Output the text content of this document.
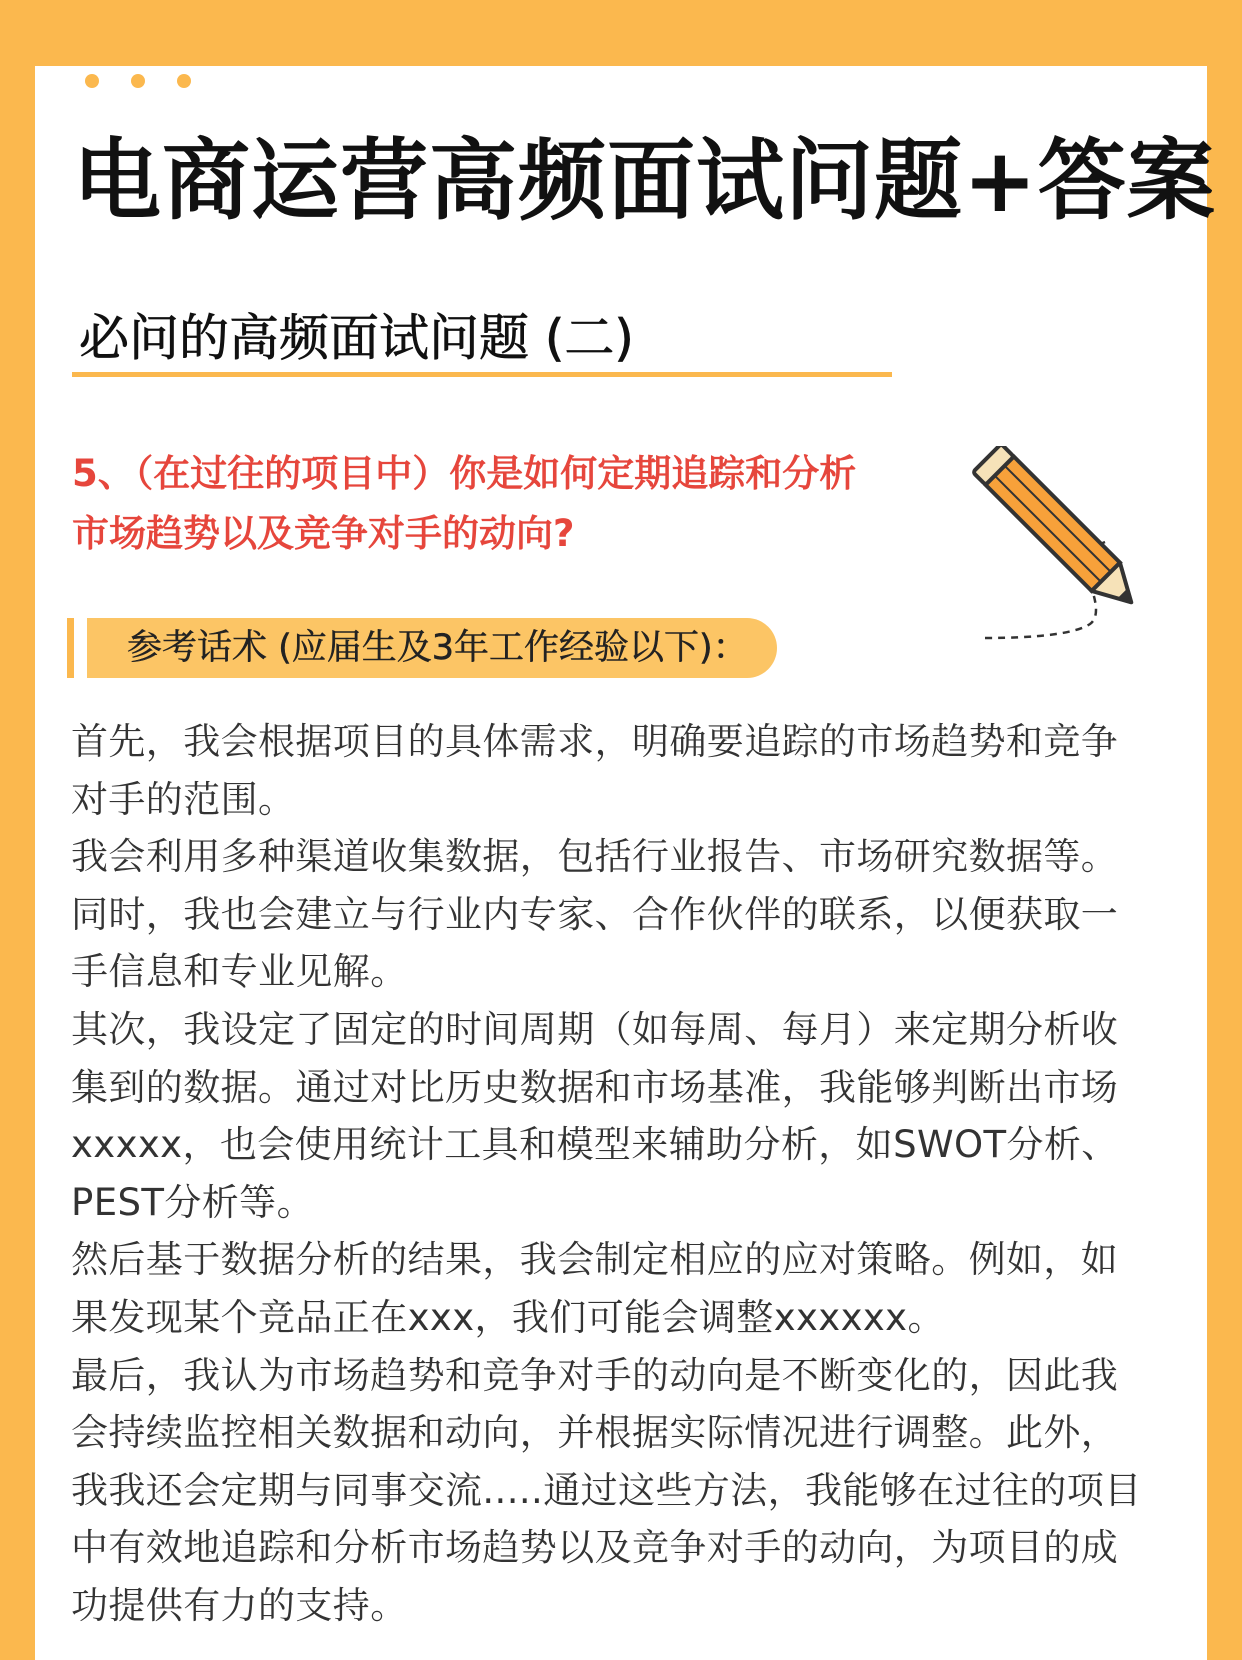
电商运营高频面试问题+答案
必问的高频面试问题 (二)
5、（在过往的项目中）你是如何定期追踪和分析
市场趋势以及竞争对手的动向?
参考话术 (应届生及3年工作经验以下)：

首先，我会根据项目的具体需求，明确要追踪的市场趋势和竞争

对手的范围。

我会利用多种渠道收集数据，包括行业报告、市场研究数据等。

同时，我也会建立与行业内专家、合作伙伴的联系，以便获取一

手信息和专业见解。

其次，我设定了固定的时间周期（如每周、每月）来定期分析收

集到的数据。通过对比历史数据和市场基准，我能够判断出市场

xxxxx，也会使用统计工具和模型来辅助分析，如SWOT分析、

PEST分析等。

然后基于数据分析的结果，我会制定相应的应对策略。例如，如

果发现某个竞品正在xxx，我们可能会调整xxxxxx。

最后，我认为市场趋势和竞争对手的动向是不断变化的，因此我

会持续监控相关数据和动向，并根据实际情况进行调整。此外，

我我还会定期与同事交流.....通过这些方法，我能够在过往的项目

中有效地追踪和分析市场趋势以及竞争对手的动向，为项目的成

功提供有力的支持。
